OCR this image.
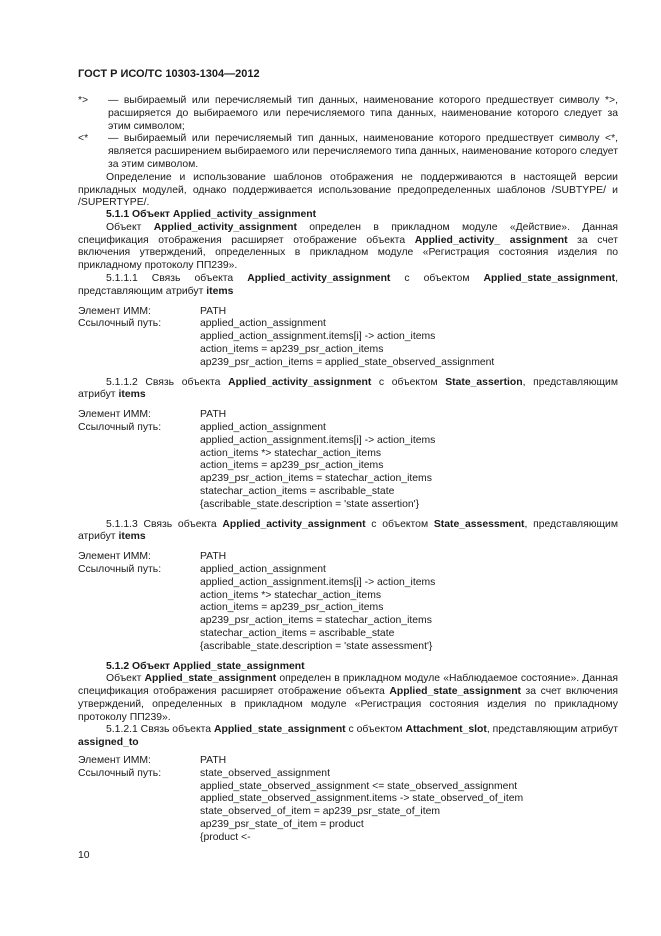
ГОСТ Р ИСО/ТС 10303-1304—2012
*>	— выбираемый или перечисляемый тип данных, наименование которого предшествует символу *>, расширяется до выбираемого или перечисляемого типа данных, наименование которого следует за этим символом;
<*	— выбираемый или перечисляемый тип данных, наименование которого предшествует символу <*, является расширением выбираемого или перечисляемого типа данных, наименование которого следует за этим символом.

Определение и использование шаблонов отображения не поддерживаются в настоящей версии прикладных модулей, однако поддерживается использование предопределенных шаблонов /SUBTYPE/ и /SUPERTYPE/.

5.1.1 Объект Applied_activity_assignment

Объект Applied_activity_assignment определен в прикладном модуле «Действие». Данная спецификация отображения расширяет отображение объекта Applied_activity_ assignment за счет включения утверждений, определенных в прикладном модуле «Регистрация состояния изделия по прикладному протоколу ПП239».

5.1.1.1 Связь объекта Applied_activity_assignment с объектом Applied_state_assignment, представляющим атрибут items

Элемент ИММ:	PATH
Ссылочный путь:	applied_action_assignment
applied_action_assignment.items[i] -> action_items
action_items = ap239_psr_action_items
ap239_psr_action_items = applied_state_observed_assignment

5.1.1.2 Связь объекта Applied_activity_assignment с объектом State_assertion, представляющим атрибут items

Элемент ИММ:	PATH
Ссылочный путь:	applied_action_assignment
applied_action_assignment.items[i] -> action_items
action_items *> statechar_action_items
action_items = ap239_psr_action_items
ap239_psr_action_items = statechar_action_items
statechar_action_items = ascribable_state
{ascribable_state.description = 'state assertion'}

5.1.1.3 Связь объекта Applied_activity_assignment с объектом State_assessment, представляющим атрибут items

Элемент ИММ:	PATH
Ссылочный путь:	applied_action_assignment
applied_action_assignment.items[i] -> action_items
action_items *> statechar_action_items
action_items = ap239_psr_action_items
ap239_psr_action_items = statechar_action_items
statechar_action_items = ascribable_state
{ascribable_state.description = 'state assessment'}
5.1.2 Объект Applied_state_assignment

Объект Applied_state_assignment определен в прикладном модуле «Наблюдаемое состояние». Данная спецификация отображения расширяет отображение объекта Applied_state_assignment за счет включения утверждений, определенных в прикладном модуле «Регистрация состояния изделия по прикладному протоколу ПП239».

5.1.2.1 Связь объекта Applied_state_assignment с объектом Attachment_slot, представляющим атрибут assigned_to

Элемент ИММ:	PATH
Ссылочный путь:	state_observed_assignment
applied_state_observed_assignment <= state_observed_assignment
applied_state_observed_assignment.items -> state_observed_of_item
state_observed_of_item = ap239_psr_state_of_item
ap239_psr_state_of_item = product
{product <-
10
